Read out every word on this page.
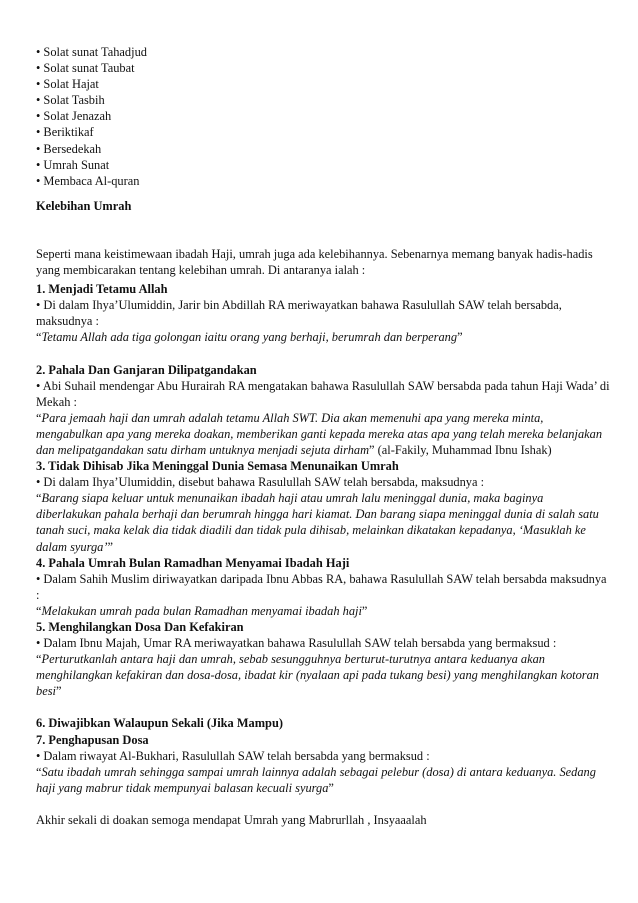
• Solat sunat Tahadjud
• Solat sunat Taubat
• Solat Hajat
• Solat Tasbih
• Solat Jenazah
• Beriktikaf
• Bersedekah
• Umrah Sunat
• Membaca Al-quran

Kelebihan Umrah

Seperti mana keistimewaan ibadah Haji, umrah juga ada kelebihannya. Sebenarnya memang banyak hadis-hadis yang membicarakan tentang kelebihan umrah. Di antaranya ialah :

1. Menjadi Tetamu Allah

• Di dalam Ihya’Ulumiddin, Jarir bin Abdillah RA meriwayatkan bahawa Rasulullah SAW telah bersabda, maksudnya :

“Tetamu Allah ada tiga golongan iaitu orang yang berhaji, berumrah dan berperang”

2. Pahala Dan Ganjaran Dilipatgandakan

• Abi Suhail mendengar Abu Hurairah RA mengatakan bahawa Rasulullah SAW bersabda pada tahun Haji Wada’ di Mekah :

“Para jemaah haji dan umrah adalah tetamu Allah SWT. Dia akan memenuhi apa yang mereka minta, mengabulkan apa yang mereka doakan, memberikan ganti kepada mereka atas apa yang telah mereka belanjakan dan melipatgandakan satu dirham untuknya menjadi sejuta dirham” (al-Fakily, Muhammad Ibnu Ishak)

3. Tidak Dihisab Jika Meninggal Dunia Semasa Menunaikan Umrah

• Di dalam Ihya’Ulumiddin, disebut bahawa Rasulullah SAW telah bersabda, maksudnya :

“Barang siapa keluar untuk menunaikan ibadah haji atau umrah lalu meninggal dunia, maka baginya diberlakukan pahala berhaji dan berumrah hingga hari kiamat. Dan barang siapa meninggal dunia di salah satu tanah suci, maka kelak dia tidak diadili dan tidak pula dihisab, melainkan dikatakan kepadanya, ‘Masuklah ke dalam syurga’”

4. Pahala Umrah Bulan Ramadhan Menyamai Ibadah Haji

• Dalam Sahih Muslim diriwayatkan daripada Ibnu Abbas RA, bahawa Rasulullah SAW telah bersabda maksudnya :

“Melakukan umrah pada bulan Ramadhan menyamai ibadah haji”

5. Menghilangkan Dosa Dan Kefakiran

• Dalam Ibnu Majah, Umar RA meriwayatkan bahawa Rasulullah SAW telah bersabda yang bermaksud :

“Perturutkanlah antara haji dan umrah, sebab sesungguhnya berturut-turutnya antara keduanya akan menghilangkan kefakiran dan dosa-dosa, ibadat kir (nyalaan api pada tukang besi) yang menghilangkan kotoran besi”

6. Diwajibkan Walaupun Sekali (Jika Mampu)

7. Penghapusan Dosa

• Dalam riwayat Al-Bukhari, Rasulullah SAW telah bersabda yang bermaksud :

“Satu ibadah umrah sehingga sampai umrah lainnya adalah sebagai pelebur (dosa) di antara keduanya. Sedang haji yang mabrur tidak mempunyai balasan kecuali syurga”

Akhir sekali di doakan semoga mendapat Umrah yang Mabrurllah , Insyaaalah
